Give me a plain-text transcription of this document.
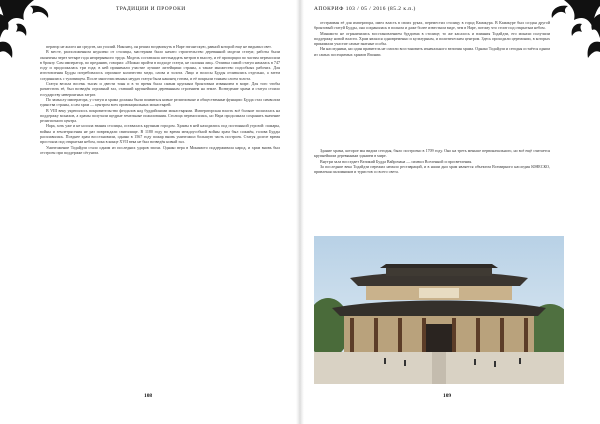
ТРАДИЦИИ И ПРОРОКИ

ператор не жалел ни средств, ни усилий. Наконец, он решил воздвигнуть в Наре гигантскую, равной которой еще не видывал свет.

В месте, расположенном недалеко от столицы, мастерами было начато строительство деревянной модели статуи; работы были окончены через четыре года непрерывного труда. Модель составляла шестнадцать метров в высоту, и её пропорции по частям переносили в бронзу. Сам император, по преданию, говорил: «Можно пройти в подходе статуи, не склоняя лиц». Отливка самой статуи началась в 747 году и продолжалась три года; в ней принимали участие лучшие литейщики страны, а также множество подсобных рабочих. Для изготовления Будды потребовалось огромное количество меди, олова и золота. Лицо и волосы Будды отливались отдельно, а затем соединялись с туловищем. После многочисленных неудач статуя была наконец готова, и её покрыли тонким слоем золота.

Статуя весила восемь тысяч и двести тонн и в то время была самым крупным бронзовым изваянием в мире. Для того чтобы разместить её, был возведён огромный зал, ставший крупнейшим деревянным строением на земле. Возведение храма и статуи стоило государству невероятных затрат.

По замыслу императора, у статуи и храма должны были появиться новые религиозные и общественные функции: Будда стал символом единства страны, а сам храм — центром всех провинциальных монастырей.

В VIII веку укрепилось покровительство феодалов над буддийскими монастырями. Императорская власть всё больше полагалась на поддержку монахов, а храмы получали щедрые земельные пожалования. Столица переносилась, но Нара продолжала сохранять значение религиозного центра.

Нара, хоть уже и не носила звания столицы, оставалась крупным городом. Храмы в ней находились под постоянной угрозой: пожары, войны и землетрясения не раз повреждали святилище. В 1180 году во время междоусобной войны храм был сожжён, голова Будды расплавилась. Позднее храм восстановили, однако в 1567 году пожар вновь уничтожил большую часть построек. Статуя долгое время простояла под открытым небом, пока в конце XVII века не был возведён новый зал.

Уничтожение Тодайдзи стало одним из последних ударов эпохи. Однако вера в Минамото поддерживала народ, и храм вновь был отстроен при поддержке сёгуната.

108
АПОКРИФ 103 / 05 / 2016 (85.2 к.п.)

отстраиван её для императора, имел власть в своих руках, переместил столицу в город Камакура. В Камакуре был создан другой бронзовый статуй Будды, она сохранилась в полном и даже более известном виде, чем в Наре, потому что стоит под открытым небом.

Минамото не ограничились восстановлением буддизма в столице; то же касалось и влияния Тодайдзи, его монахи получили поддержку новой власти. Храм являлся одновременно и культурным, и политическим центром. Здесь проходили церемонии, в которых принимали участие самые знатные особы.

Ни наследники, ни один правитель не смогли восстановить изначального величия храма. Однако Тодайдзи и сегодня остаётся одним из самых посещаемых храмов Японии.

Здание храма, которое мы видим сегодня, было построено в 1709 году. Оно на треть меньше первоначального, но всё ещё считается крупнейшим деревянным зданием в мире.

Внутри зала восседает Великий Будда Вайрочана — символ Вселенной и просветления.

За последние века Тодайдзи пережил немало реставраций, и в наши дни храм является объектом Всемирного наследия ЮНЕСКО, привлекая паломников и туристов со всего света.

109
